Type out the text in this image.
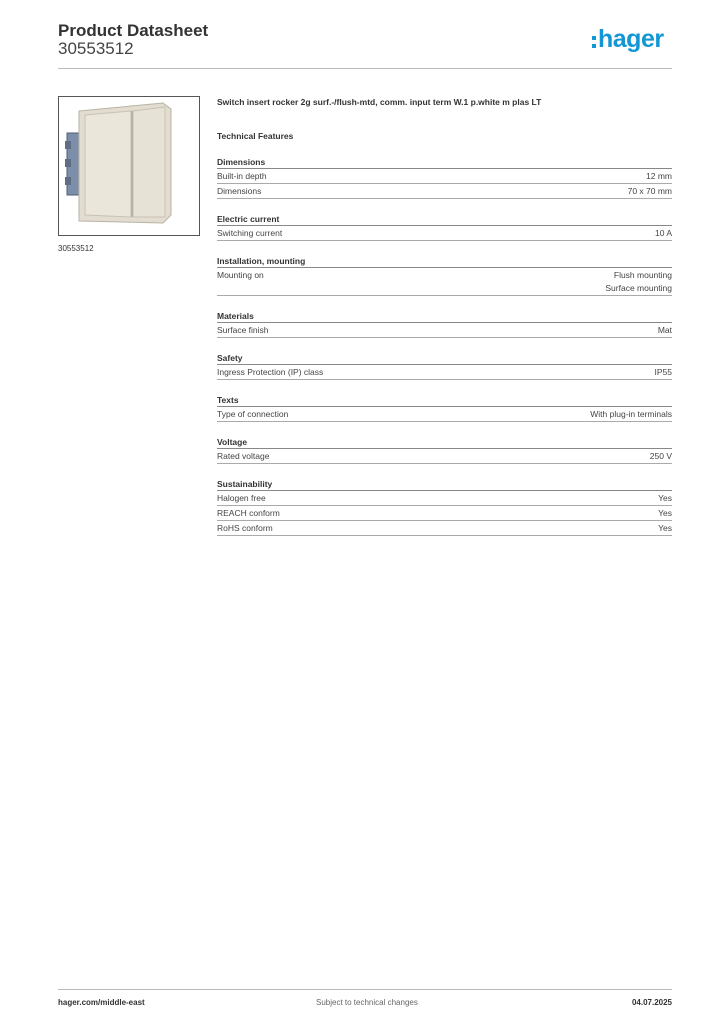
Product Datasheet
30553512	hager
30553512
Switch insert rocker 2g surf.-/flush-mtd, comm. input term W.1 p.white m plas LT
Technical Features
Dimensions
Built-in depth	12 mm
Dimensions	70 x 70 mm
Electric current
Switching current	10 A
Installation, mounting
Mounting on	Flush mounting
Surface mounting
Materials
Surface finish	Mat
Safety
Ingress Protection (IP) class	IP55
Texts
Type of connection	With plug-in terminals
Voltage
Rated voltage	250 V
Sustainability
Halogen free	Yes
REACH conform	Yes
RoHS conform	Yes
hager.com/middle-east	Subject to technical changes	04.07.2025
